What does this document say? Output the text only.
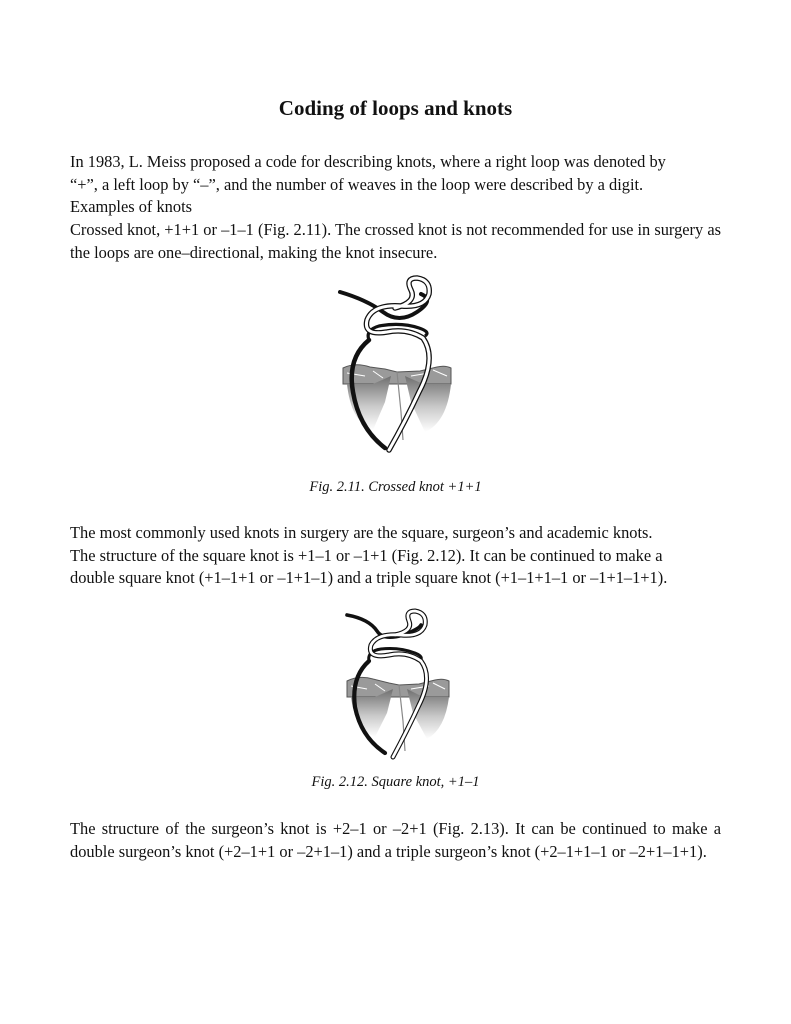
Coding of loops and knots
In 1983, L. Meiss proposed a code for describing knots, where a right loop was denoted by
“+”, a left loop by “–”, and the number of weaves in the loop were described by a digit.
Examples of knots
Crossed knot, +1+1 or –1–1 (Fig. 2.11). The crossed knot is not recommended for use in surgery as the loops are one–directional, making the knot insecure.
Fig. 2.11. Crossed knot +1+1
The most commonly used knots in surgery are the square, surgeon’s and academic knots.
The structure of the square knot is +1–1 or –1+1 (Fig. 2.12). It can be continued to make a
double square knot (+1–1+1 or –1+1–1) and a triple square knot (+1–1+1–1 or –1+1–1+1).
Fig. 2.12. Square knot, +1–1
The structure of the surgeon’s knot is +2–1 or –2+1 (Fig. 2.13). It can be continued to make a double surgeon’s knot (+2–1+1 or –2+1–1) and a triple surgeon’s knot (+2–1+1–1 or –2+1–1+1).
